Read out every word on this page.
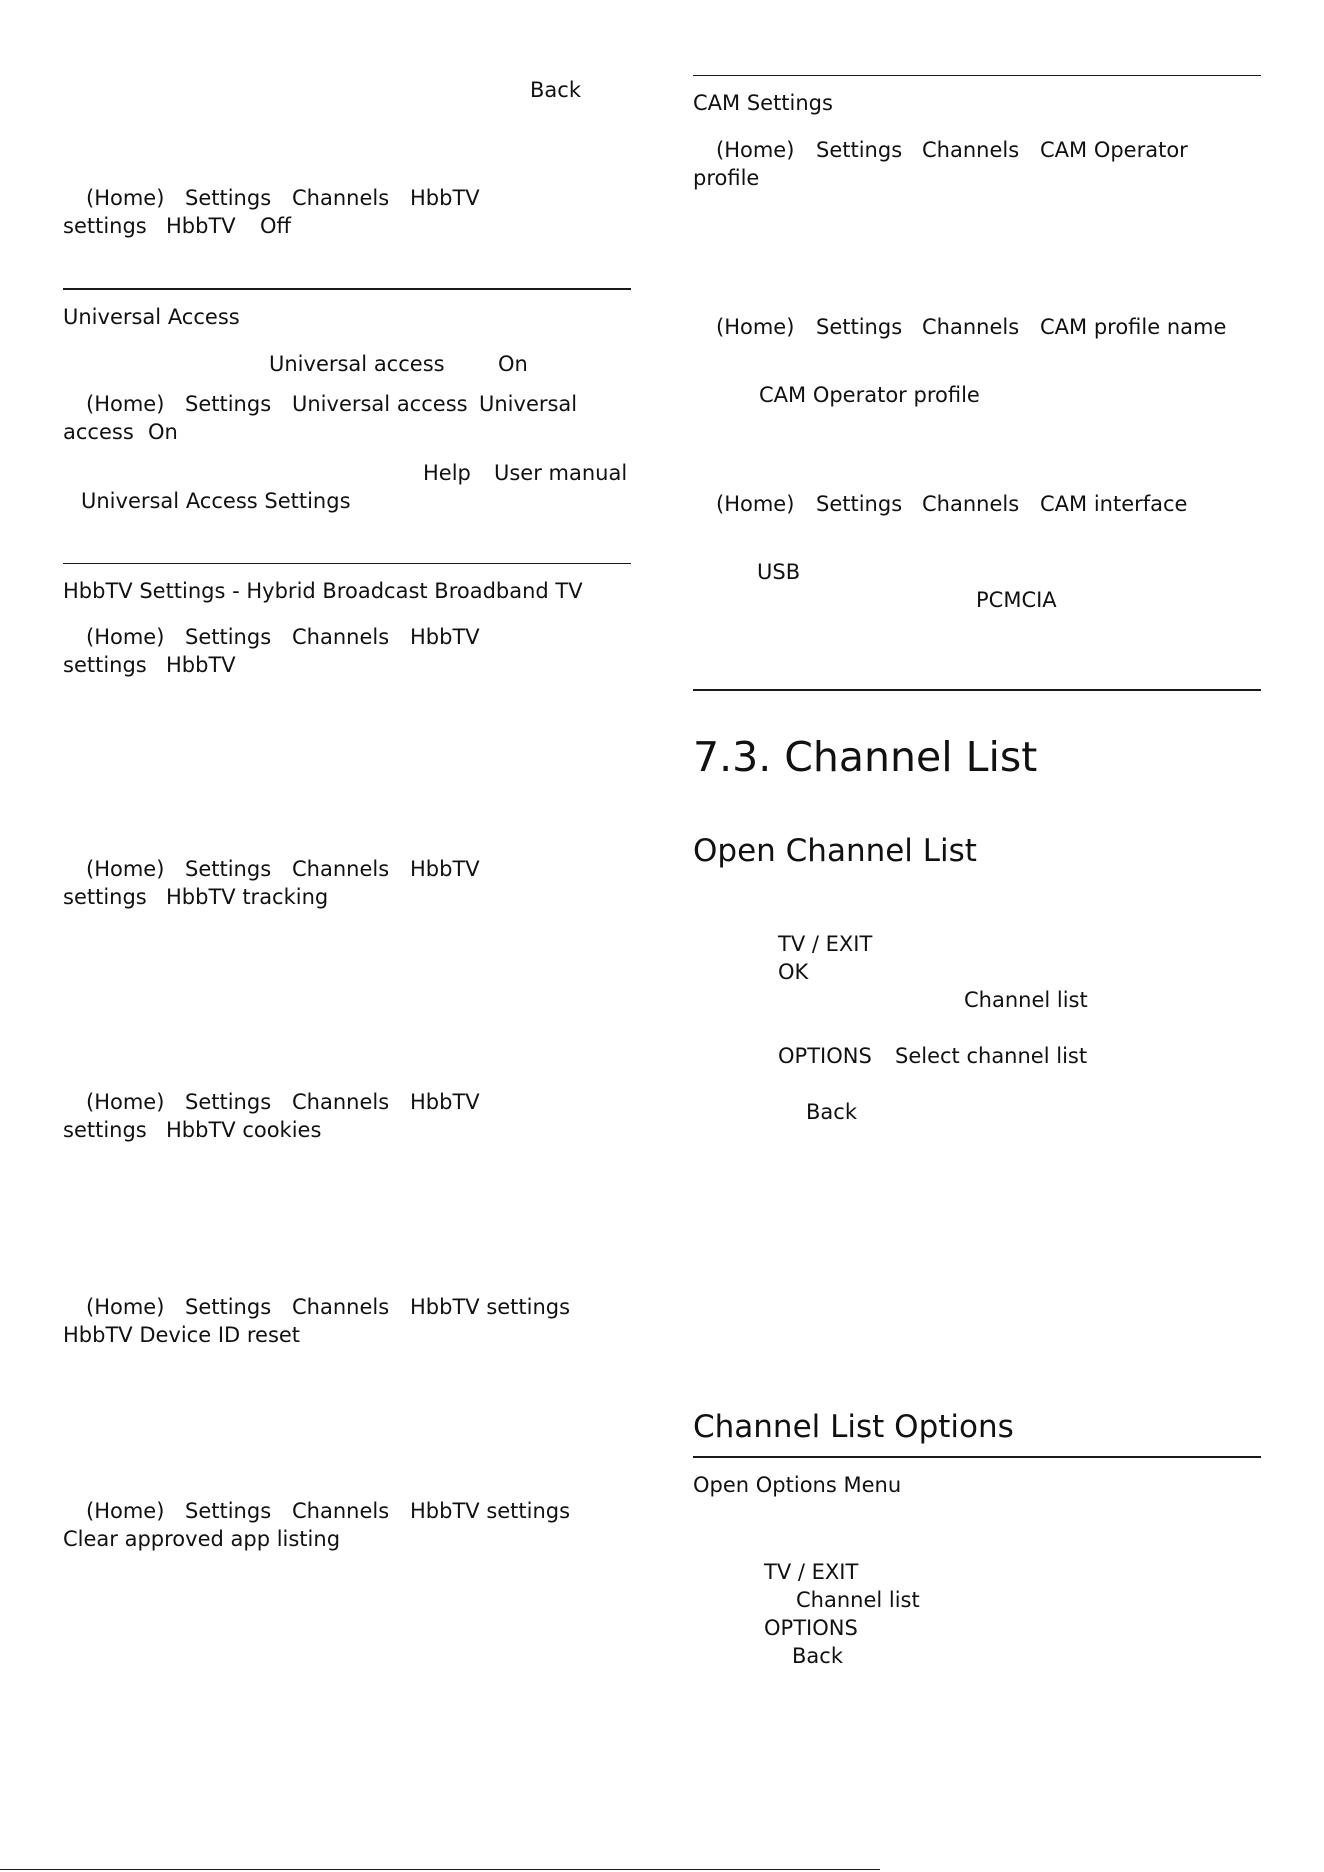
Back
(Home) Settings Channels HbbTV
settings HbbTV Off
Universal Access
Universal access	On
(Home) Settings Universal access Universal
access On
Help User manual
Universal Access Settings
HbbTV Settings - Hybrid Broadcast Broadband TV
(Home) Settings Channels HbbTV
settings HbbTV
(Home) Settings Channels HbbTV
settings HbbTV tracking
(Home) Settings Channels HbbTV
settings HbbTV cookies
(Home) Settings Channels HbbTV settings
HbbTV Device ID reset
(Home) Settings Channels HbbTV settings
Clear approved app listing
CAM Settings
(Home) Settings Channels CAM Operator
profile
(Home) Settings Channels CAM profile name
CAM Operator profile
(Home) Settings Channels CAM interface
USB
PCMCIA
7.3. Channel List
Open Channel List
TV / EXIT
OK
Channel list
OPTIONS Select channel list
Back
Channel List Options
Open Options Menu
TV / EXIT
Channel list
OPTIONS
Back
